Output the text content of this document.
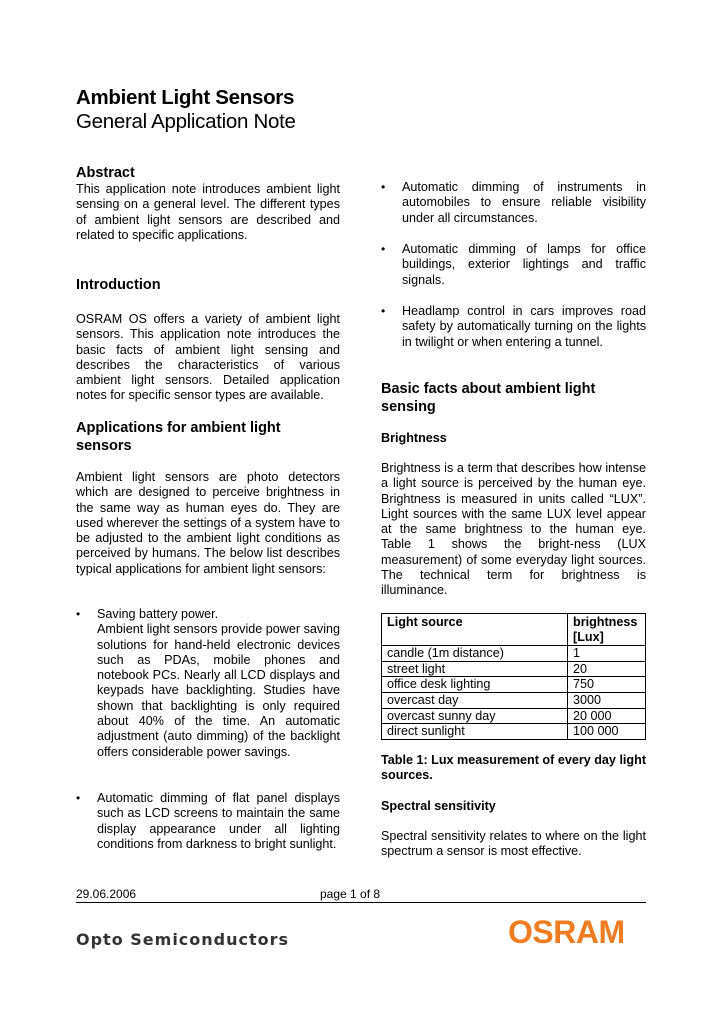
Ambient Light Sensors
General Application Note
Abstract

This application note introduces ambient light sensing on a general level. The different types of ambient light sensors are described and related to specific applications.

Introduction

OSRAM OS offers a variety of ambient light sensors. This application note introduces the basic facts of ambient light sensing and describes the characteristics of various ambient light sensors. Detailed application notes for specific sensor types are available.

Applications for ambient light sensors

Ambient light sensors are photo detectors which are designed to perceive brightness in the same way as human eyes do. They are used wherever the settings of a system have to be adjusted to the ambient light conditions as perceived by humans. The below list describes typical applications for ambient light sensors:

• Saving battery power.
Ambient light sensors provide power saving solutions for hand-held electronic devices such as PDAs, mobile phones and notebook PCs. Nearly all LCD displays and keypads have backlighting. Studies have shown that backlighting is only required about 40% of the time. An automatic adjustment (auto dimming) of the backlight offers considerable power savings.
• Automatic dimming of flat panel displays such as LCD screens to maintain the same display appearance under all lighting conditions from darkness to bright sunlight.
• Automatic dimming of instruments in automobiles to ensure reliable visibility under all circumstances.
• Automatic dimming of lamps for office buildings, exterior lightings and traffic signals.
• Headlamp control in cars improves road safety by automatically turning on the lights in twilight or when entering a tunnel.
Basic facts about ambient light sensing
Brightness

Brightness is a term that describes how intense a light source is perceived by the human eye. Brightness is measured in units called “LUX”. Light sources with the same LUX level appear at the same brightness to the human eye. Table 1 shows the bright-ness (LUX measurement) of some everyday light sources. The technical term for brightness is illuminance.

Light source	brightness [Lux]
candle (1m distance)	1
street light	20
office desk lighting	750
overcast day	3000
overcast sunny day	20 000
direct sunlight	100 000

Table 1: Lux measurement of every day light sources.

Spectral sensitivity

Spectral sensitivity relates to where on the light spectrum a sensor is most effective.

29.06.2006	page 1 of 8
Opto Semiconductors	OSRAM
